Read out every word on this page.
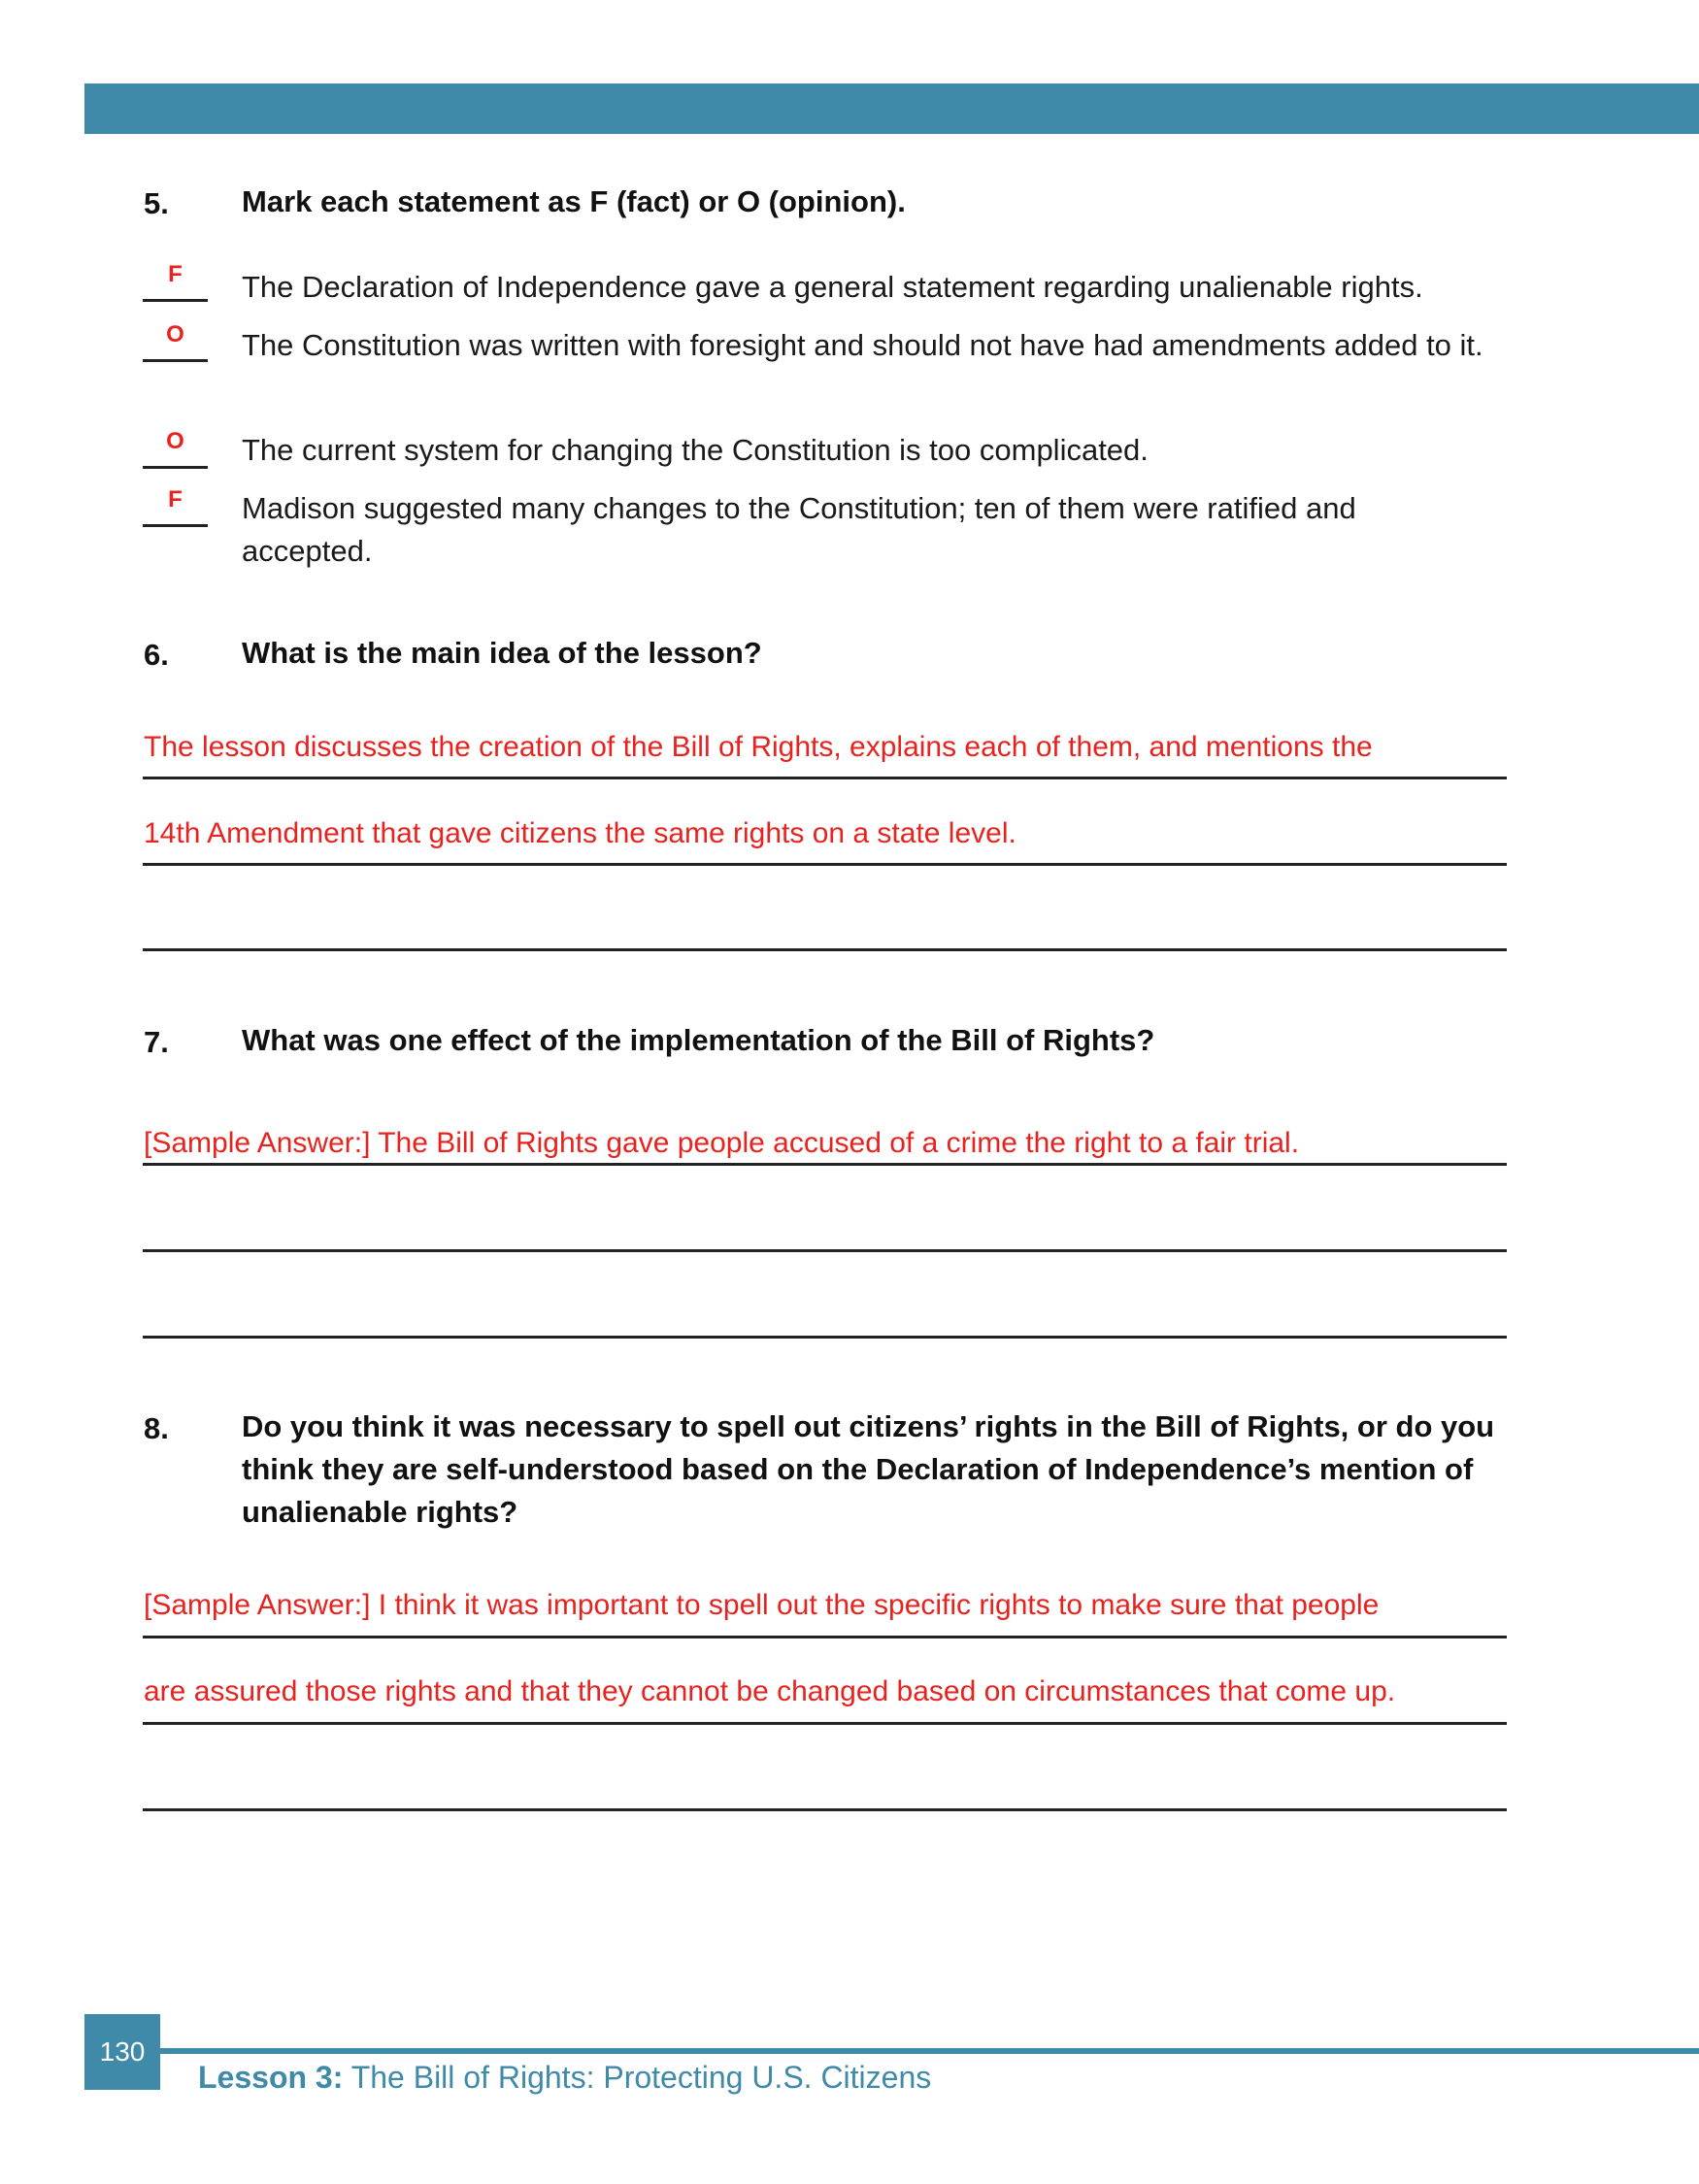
5. Mark each statement as F (fact) or O (opinion).
F	The Declaration of Independence gave a general statement regarding unalienable rights.
O	The Constitution was written with foresight and should not have had amendments added to it.
O	The current system for changing the Constitution is too complicated.
F	Madison suggested many changes to the Constitution; ten of them were ratified and accepted.
6. What is the main idea of the lesson?
The lesson discusses the creation of the Bill of Rights, explains each of them, and mentions the
14th Amendment that gave citizens the same rights on a state level.
7. What was one effect of the implementation of the Bill of Rights?
[Sample Answer:] The Bill of Rights gave people accused of a crime the right to a fair trial.
8. Do you think it was necessary to spell out citizens’ rights in the Bill of Rights, or do you think they are self-understood based on the Declaration of Independence’s mention of unalienable rights?
[Sample Answer:] I think it was important to spell out the specific rights to make sure that people
are assured those rights and that they cannot be changed based on circumstances that come up.
130
Lesson 3: The Bill of Rights: Protecting U.S. Citizens
